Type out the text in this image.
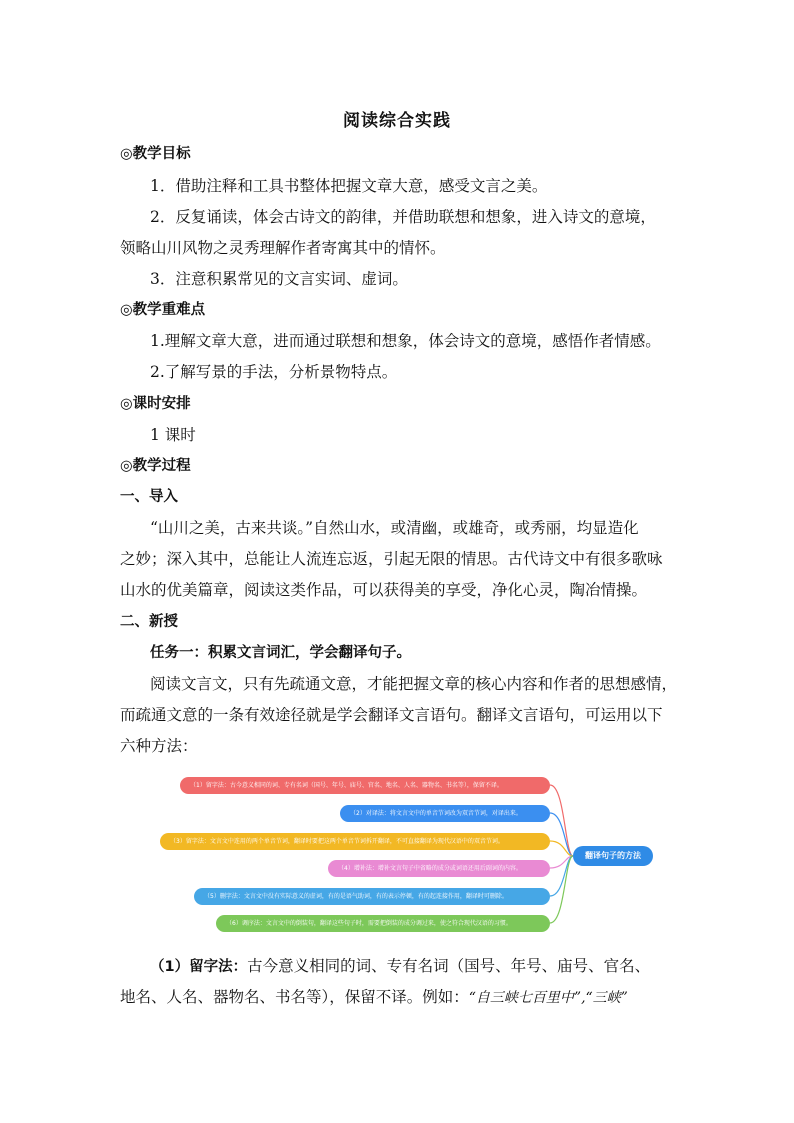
阅读综合实践
◎教学目标
1．借助注释和工具书整体把握文章大意，感受文言之美。
2．反复诵读，体会古诗文的韵律，并借助联想和想象，进入诗文的意境，
领略山川风物之灵秀理解作者寄寓其中的情怀。
3．注意积累常见的文言实词、虚词。
◎教学重难点
1.理解文章大意，进而通过联想和想象，体会诗文的意境，感悟作者情感。
2.了解写景的手法，分析景物特点。
◎课时安排
1 课时
◎教学过程
一、导入
“山川之美，古来共谈。”自然山水，或清幽，或雄奇，或秀丽，均显造化
之妙；深入其中，总能让人流连忘返，引起无限的情思。古代诗文中有很多歌咏
山水的优美篇章，阅读这类作品，可以获得美的享受，净化心灵，陶冶情操。
二、新授
任务一：积累文言词汇，学会翻译句子。
阅读文言文，只有先疏通文意，才能把握文章的核心内容和作者的思想感情，
而疏通文意的一条有效途径就是学会翻译文言语句。翻译文言语句，可运用以下
六种方法：
（1）留字法：古今意义相同的词、专有名词（国号、年号、庙号、官名、地名、人名、器物名、书名等），保留不译。
（2）对译法：将文言文中的单音节词改为双音节词，对译出来。
（3）留字法：文言文中连用的两个单音节词，翻译时要把这两个单音节词拆开翻译，不可直接翻译为现代汉语中的双音节词。
（4）增补法：增补文言句子中省略的成分或词语还用后副词的内容。
（5）删字法：文言文中没有实际意义的虚词，有的是语气助词，有的表示停顿，有的起连接作用，翻译时可删除。
（6）调序法：文言文中的倒装句，翻译这些句子时，需要把倒装的成分调过来，使之符合现代汉语的习惯。
翻译句子的方法
（1）留字法：古今意义相同的词、专有名词（国号、年号、庙号、官名、
地名、人名、器物名、书名等），保留不译。例如：“自三峡七百里中”,“三峡”
